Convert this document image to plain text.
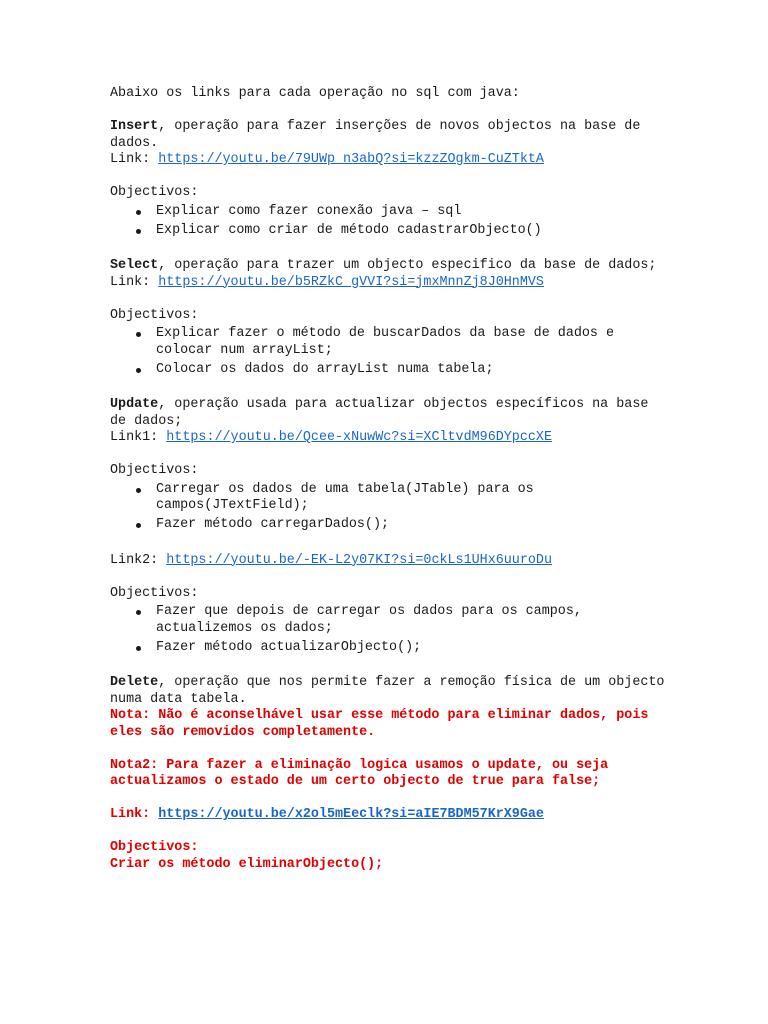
Abaixo os links para cada operação no sql com java:

Insert, operação para fazer inserções de novos objectos na base de dados.

Link: https://youtu.be/79UWp_n3abQ?si=kzzZOgkm-CuZTktA

Objectivos:

Explicar como fazer conexão java – sql
Explicar como criar de método cadastrarObjecto()

Select, operação para trazer um objecto especifico da base de dados;

Link: https://youtu.be/b5RZkC_gVVI?si=jmxMnnZj8J0HnMVS

Objectivos:

Explicar fazer o método de buscarDados da base de dados e colocar num arrayList;
Colocar os dados do arrayList numa tabela;

Update, operação usada para actualizar objectos específicos na base de dados;

Link1: https://youtu.be/Qcee-xNuwWc?si=XCltvdM96DYpccXE

Objectivos:

Carregar os dados de uma tabela(JTable) para os campos(JTextField);
Fazer método carregarDados();

Link2: https://youtu.be/-EK-L2y07KI?si=0ckLs1UHx6uuroDu

Objectivos:

Fazer que depois de carregar os dados para os campos, actualizemos os dados;
Fazer método actualizarObjecto();

Delete, operação que nos permite fazer a remoção física de um objecto numa data tabela.

Nota: Não é aconselhável usar esse método para eliminar dados, pois eles são removidos completamente.

Nota2: Para fazer a eliminação logica usamos o update, ou seja actualizamos o estado de um certo objecto de true para false;

Link: https://youtu.be/x2ol5mEeclk?si=aIE7BDM57KrX9Gae

Objectivos:

Criar os método eliminarObjecto();
